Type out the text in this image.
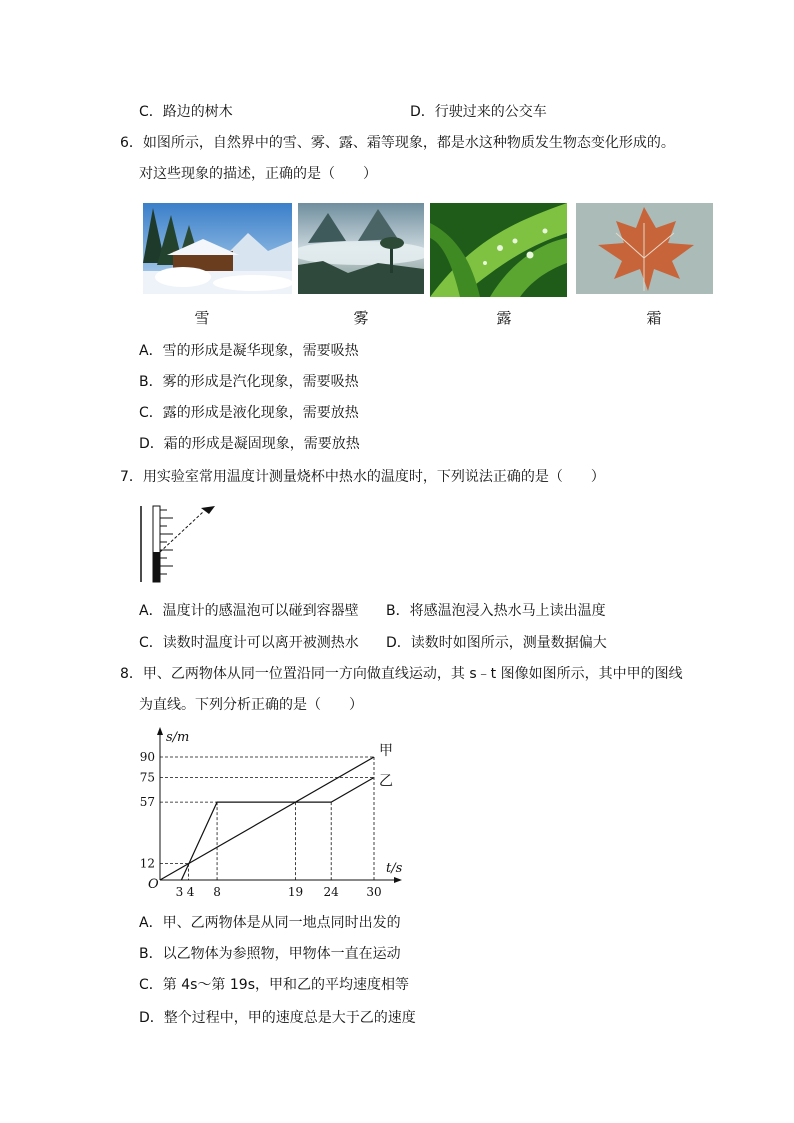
C．路边的树木	D．行驶过来的公交车
6．如图所示，自然界中的雪、雾、露、霜等现象，都是水这种物质发生物态变化形成的。
对这些现象的描述，正确的是（　　）
雪	雾	露	霜
A．雪的形成是凝华现象，需要吸热
B．雾的形成是汽化现象，需要吸热
C．露的形成是液化现象，需要放热
D．霜的形成是凝固现象，需要放热
7．用实验室常用温度计测量烧杯中热水的温度时，下列说法正确的是（　　）
A．温度计的感温泡可以碰到容器壁 B．将感温泡浸入热水马上读出温度
C．读数时温度计可以离开被测热水 D．读数时如图所示，测量数据偏大
8．甲、乙两物体从同一位置沿同一方向做直线运动，其 s﹣t 图像如图所示，其中甲的图线
为直线。下列分析正确的是（　　）
甲
乙
12
57
75
90
3 4 8	19 24 30
O
s/m
t/s
A．甲、乙两物体是从同一地点同时出发的
B．以乙物体为参照物，甲物体一直在运动
C．第 4s～第 19s，甲和乙的平均速度相等
D．整个过程中，甲的速度总是大于乙的速度
